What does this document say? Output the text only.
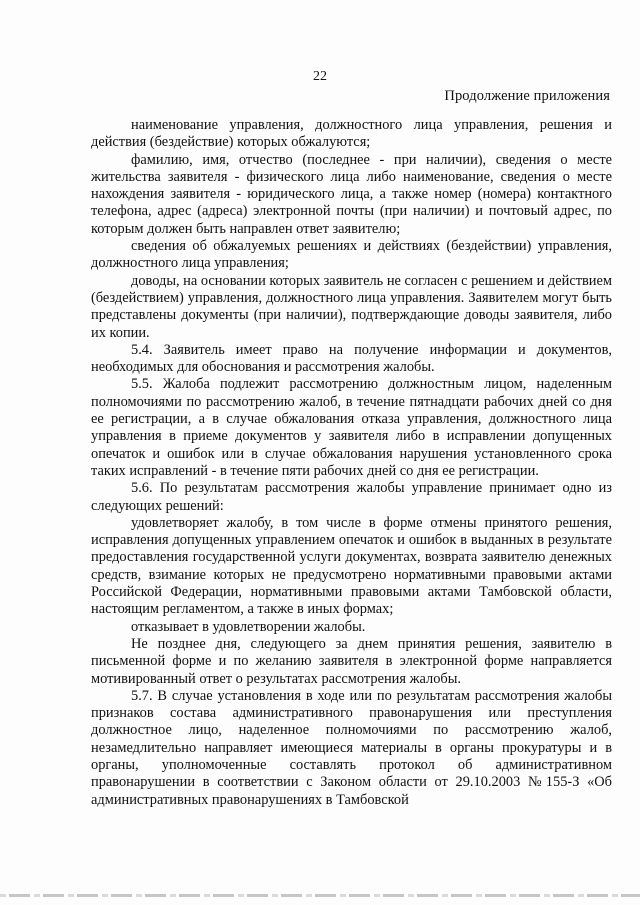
22
Продолжение приложения

наименование управления, должностного лица управления, решения и действия (бездействие) которых обжалуются;

фамилию, имя, отчество (последнее - при наличии), сведения о месте жительства заявителя - физического лица либо наименование, сведения о месте нахождения заявителя - юридического лица, а также номер (номера) контактного телефона, адрес (адреса) электронной почты (при наличии) и почтовый адрес, по которым должен быть направлен ответ заявителю;

сведения об обжалуемых решениях и действиях (бездействии) управления, должностного лица управления;

доводы, на основании которых заявитель не согласен с решением и действием (бездействием) управления, должностного лица управления. Заявителем могут быть представлены документы (при наличии), подтверждающие доводы заявителя, либо их копии.

5.4. Заявитель имеет право на получение информации и документов, необходимых для обоснования и рассмотрения жалобы.

5.5. Жалоба подлежит рассмотрению должностным лицом, наделенным полномочиями по рассмотрению жалоб, в течение пятнадцати рабочих дней со дня ее регистрации, а в случае обжалования отказа управления, должностного лица управления в приеме документов у заявителя либо в исправлении допущенных опечаток и ошибок или в случае обжалования нарушения установленного срока таких исправлений - в течение пяти рабочих дней со дня ее регистрации.

5.6. По результатам рассмотрения жалобы управление принимает одно из следующих решений:

удовлетворяет жалобу, в том числе в форме отмены принятого решения, исправления допущенных управлением опечаток и ошибок в выданных в результате предоставления государственной услуги документах, возврата заявителю денежных средств, взимание которых не предусмотрено нормативными правовыми актами Российской Федерации, нормативными правовыми актами Тамбовской области, настоящим регламентом, а также в иных формах;

отказывает в удовлетворении жалобы.

Не позднее дня, следующего за днем принятия решения, заявителю в письменной форме и по желанию заявителя в электронной форме направляется мотивированный ответ о результатах рассмотрения жалобы.

5.7. В случае установления в ходе или по результатам рассмотрения жалобы признаков состава административного правонарушения или преступления должностное лицо, наделенное полномочиями по рассмотрению жалоб, незамедлительно направляет имеющиеся материалы в органы прокуратуры и в органы, уполномоченные составлять протокол об административном правонарушении в соответствии с Законом области от 29.10.2003 №155-З «Об административных правонарушениях в Тамбовской
